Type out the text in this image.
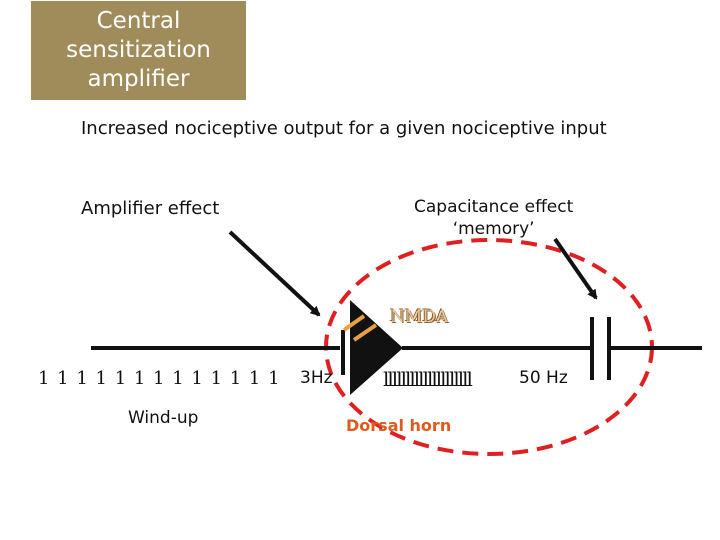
Central
sensitization
amplifier
Increased nociceptive output for a given nociceptive input
Amplifier effect	Capacitance effect
‘memory’
NMDA
1 1 1 1 1 1 1 1 1 1 1 1 1 3Hz	llllllllllllllllllll	50 Hz
Wind-up	Dorsal horn
